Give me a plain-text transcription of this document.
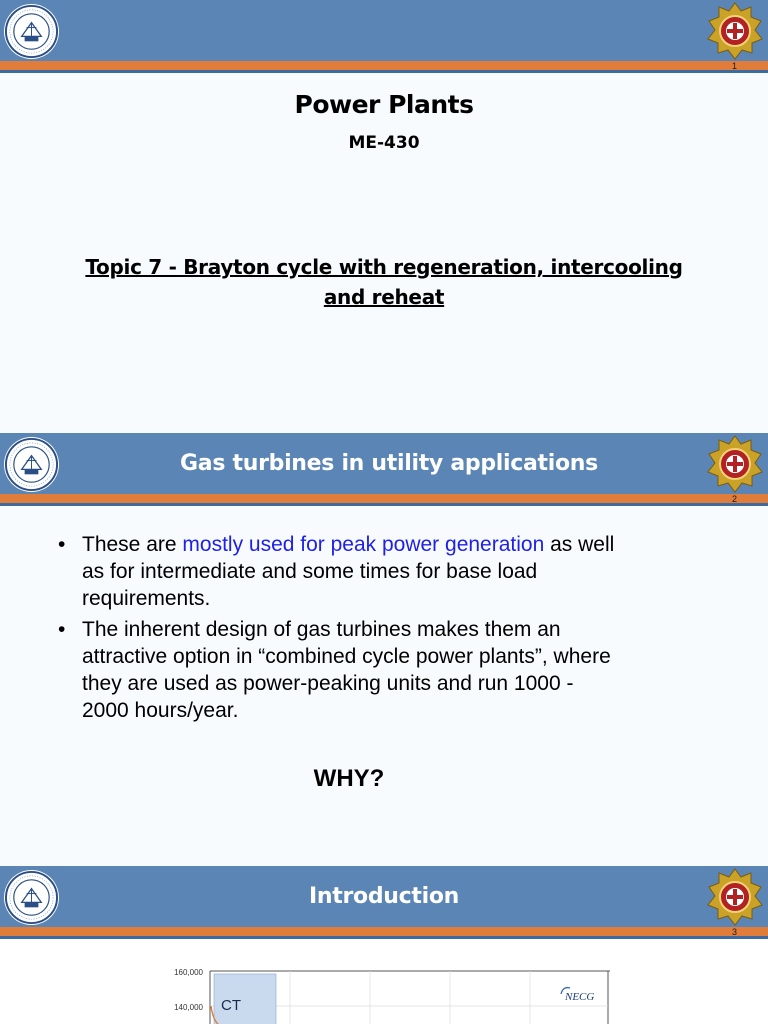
1
Power Plants
ME-430
Topic 7 - Brayton cycle with regeneration, intercooling and reheat
Gas turbines in utility applications
2
• These are mostly used for peak power generation as well as for intermediate and some times for base load requirements.
• The inherent design of gas turbines makes them an attractive option in “combined cycle power plants”, where they are used as power-peaking units and run 1000 - 2000 hours/year.
WHY?
Introduction
3
160,000
140,000 CT	NECG
